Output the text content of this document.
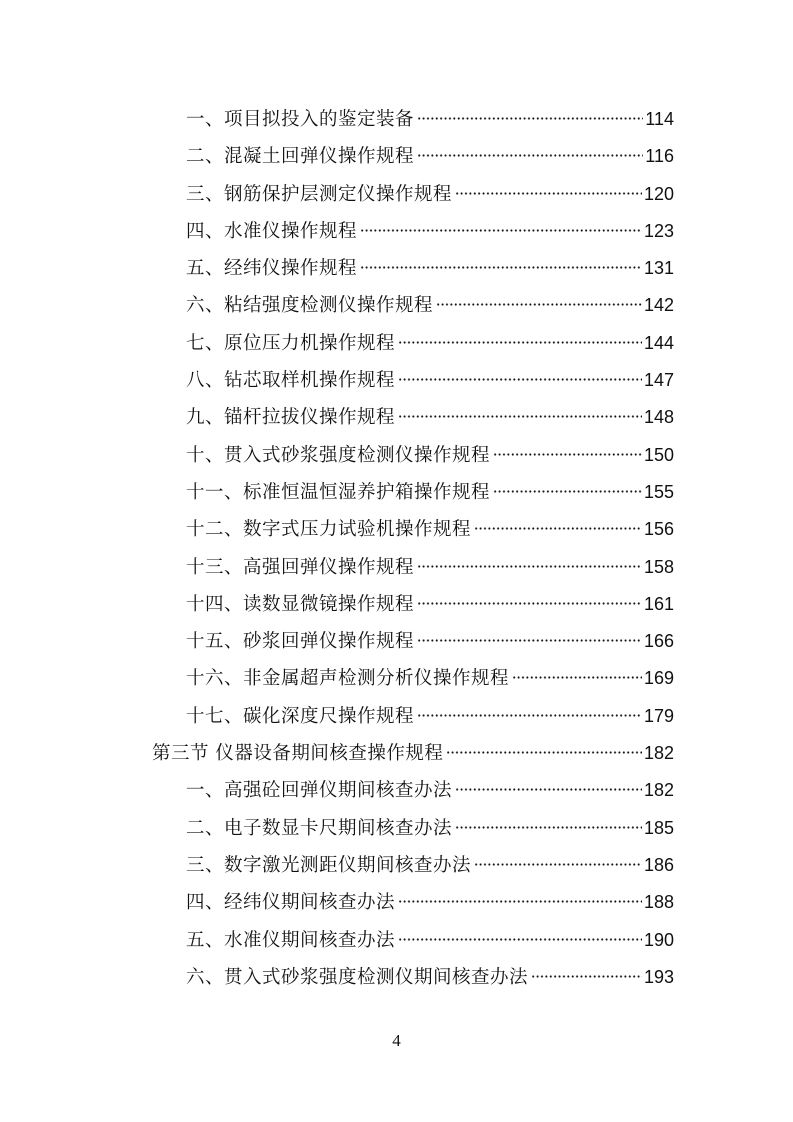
一、项目拟投入的鉴定装备	114
二、混凝土回弹仪操作规程	116
三、钢筋保护层测定仪操作规程	120
四、水准仪操作规程	123
五、经纬仪操作规程	131
六、粘结强度检测仪操作规程	142
七、原位压力机操作规程	144
八、钻芯取样机操作规程	147
九、锚杆拉拔仪操作规程	148
十、贯入式砂浆强度检测仪操作规程	150
十一、标准恒温恒湿养护箱操作规程	155
十二、数字式压力试验机操作规程	156
十三、高强回弹仪操作规程	158
十四、读数显微镜操作规程	161
十五、砂浆回弹仪操作规程	166
十六、非金属超声检测分析仪操作规程	169
十七、碳化深度尺操作规程	179
第三节 仪器设备期间核查操作规程	182
一、高强砼回弹仪期间核查办法	182
二、电子数显卡尺期间核查办法	185
三、数字激光测距仪期间核查办法	186
四、经纬仪期间核查办法	188
五、水准仪期间核查办法	190
六、贯入式砂浆强度检测仪期间核查办法	193
4
